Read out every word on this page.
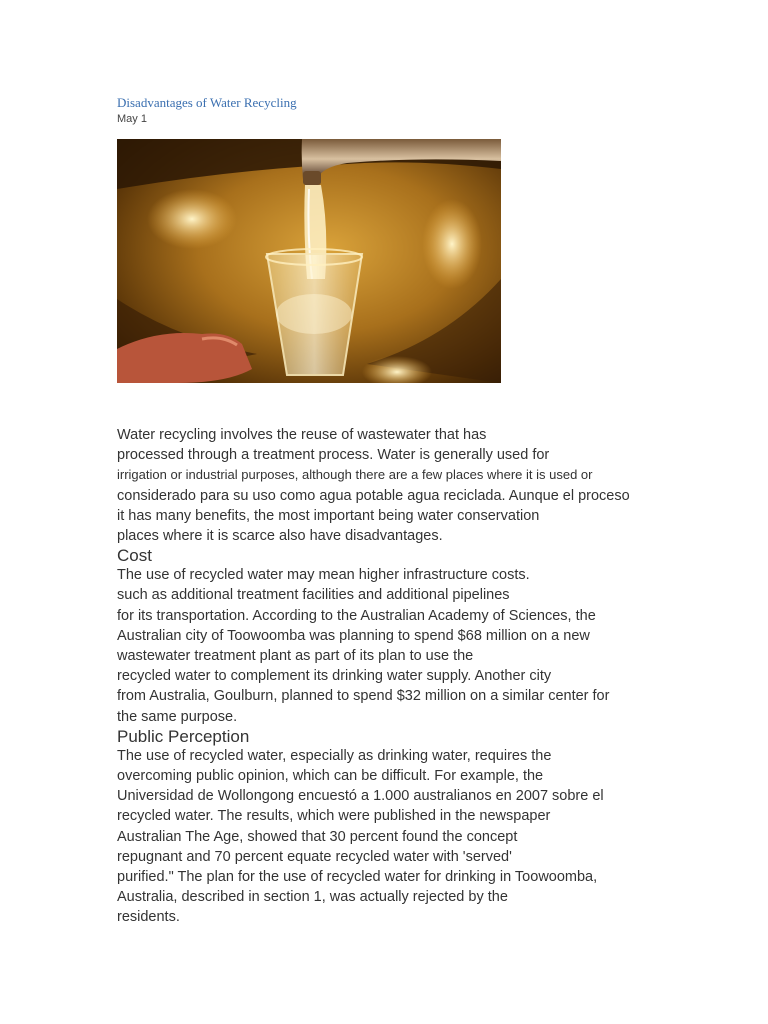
Disadvantages of Water Recycling
May 1

Water recycling involves the reuse of wastewater that has
processed through a treatment process. Water is generally used for
irrigation or industrial purposes, although there are a few places where it is used or
considerado para su uso como agua potable agua reciclada. Aunque el proceso
it has many benefits, the most important being water conservation
places where it is scarce also have disadvantages.

Cost

The use of recycled water may mean higher infrastructure costs.
such as additional treatment facilities and additional pipelines
for its transportation. According to the Australian Academy of Sciences, the
Australian city of Toowoomba was planning to spend $68 million on a new
wastewater treatment plant as part of its plan to use the
recycled water to complement its drinking water supply. Another city
from Australia, Goulburn, planned to spend $32 million on a similar center for
the same purpose.

Public Perception

The use of recycled water, especially as drinking water, requires the
overcoming public opinion, which can be difficult. For example, the
Universidad de Wollongong encuestó a 1.000 australianos en 2007 sobre el
recycled water. The results, which were published in the newspaper
Australian The Age, showed that 30 percent found the concept
repugnant and 70 percent equate recycled water with 'served'
purified." The plan for the use of recycled water for drinking in Toowoomba,
Australia, described in section 1, was actually rejected by the
residents.
